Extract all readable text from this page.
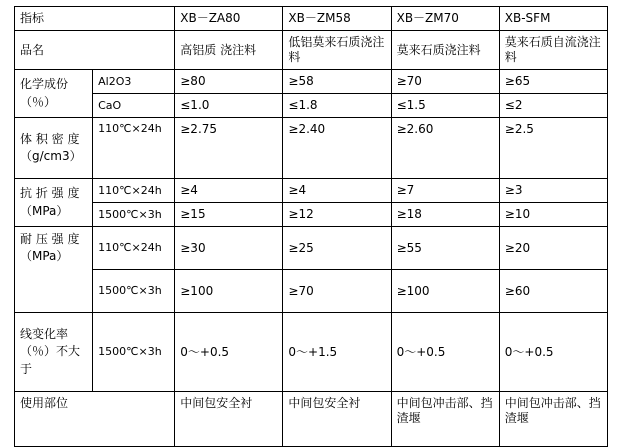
指标		XB－ZA80	XB－ZM58	XB－ZM70	XB-SFM
品名		高铝质 浇注料	低铝莫来石质浇注料	莫来石质浇注料	莫来石质自流浇注料
化学成份（％）	Al2O3	≥80	≥58	≥70	≥65
	CaO	≤1.0	≤1.8	≤1.5	≤2
体 积 密 度（g/cm3）	110℃×24h	≥2.75	≥2.40	≥2.60	≥2.5
抗 折 强 度（MPa）	110℃×24h	≥4	≥4	≥7	≥3
	1500℃×3h	≥15	≥12	≥18	≥10
耐 压 强 度（MPa）	110℃×24h	≥30	≥25	≥55	≥20
	1500℃×3h	≥100	≥70	≥100	≥60
线变化率（％）不大于	1500℃×3h	0～+0.5	0～+1.5	0～+0.5	0～+0.5
使用部位		中间包安全衬	中间包安全衬	中间包冲击部、挡渣堰	中间包冲击部、挡渣堰
